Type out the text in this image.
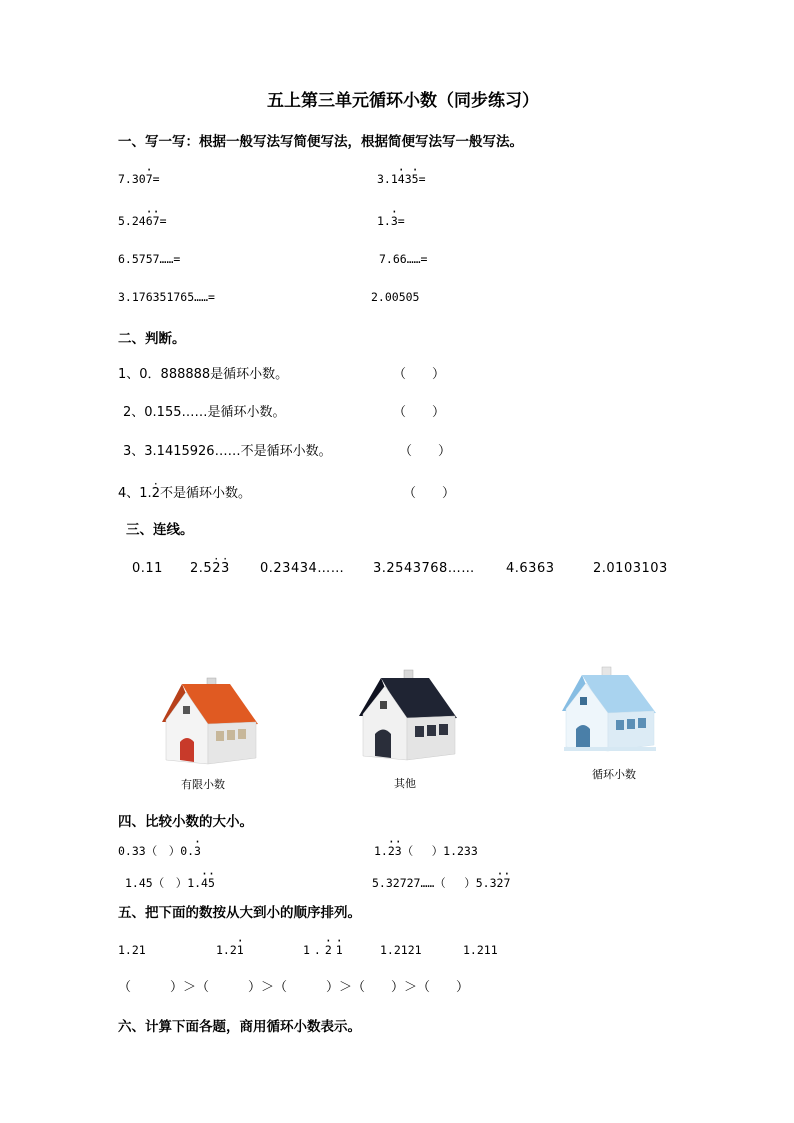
五上第三单元循环小数（同步练习）
一、写一写：根据一般写法写简便写法，根据简便写法写一般写法。
7.30· 7=	3.1· 43· 5=
5.24· 6· 7=	1.· 3=
6.5757……=	7.66……=
3.176351765……=	2.00505
二、判断。
1、0．888888是循环小数。	（　　）
2、0.155……是循环小数。	（　　）
3、3.1415926……不是循环小数。	（　　）
4、1.· 2不是循环小数。	（　　）
三、连线。
0.11 2.5· 2· 3 0.23434…… 3.2543768…… 4.6363	2.0103103
有限小数	其他
循环小数
四、比较小数的大小。
0.33（　）0.· 3	1.· 2· 3（　 ）1.233
1.45（　）1.· 4· 5	5.32727……（　 ）5.3· 2· 7
五、把下面的数按从大到小的顺序排列。
1.21	1.2· 1	1.· 2· 1	1.2121	1.211
（　　　）＞（　　　）＞（　　　）＞（　　）＞（　　）
六、计算下面各题，商用循环小数表示。
